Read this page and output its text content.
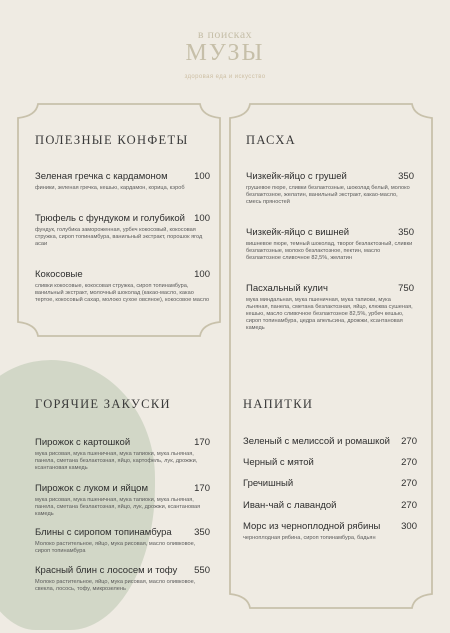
в поисках
МУЗЫ
здоровая еда и искусство
ПОЛЕЗНЫЕ КОНФЕТЫ	ПАСХА
ГОРЯЧИЕ ЗАКУСКИ	НАПИТКИ
Зеленая гречка с кардамоном	100
финики, зеленая гречка, кешью, кардамон, корица, кэроб
Трюфель с фундуком и голубикой 100
фундук, голубика замороженная, урбеч кокосовый, кокосовая стружка, сироп топинамбура, ванильный экстракт, порошок ягод асаи
Кокосовые	100
сливки кокосовые, кокосовая стружка, сироп топинамбура, ванильный экстракт, молочный шоколад (какао-масло, какао тертое, кокосовый сахар, молоко сухое овсяное), кокосовое масло
Чизкейк-яйцо с грушей	350
грушевое пюре, сливки безлактозные, шоколад белый, молоко безлактозное, желатин, ванильный экстракт, какао-масло, смесь пряностей
Чизкейк-яйцо с вишней	350
вишневое пюре, темный шоколад, творог безлактозный, сливки безлактозные, молоко безлактозное, пектин, масло безлактозное сливочное 82,5%, желатин
Пасхальный кулич	750
мука миндальная, мука пшеничная, мука тапиоки, мука льняная, панела, сметана безлактозная, яйцо, клюква сушеная, кешью, масло сливочное безлактозное 82,5%, урбеч кешью, сироп топинамбура, цедра апельсина, дрожжи, ксантановая камедь
Пирожок с картошкой	170
мука рисовая, мука пшеничная, мука тапиоки, мука льняная, панела, сметана безлактозная, яйцо, картофель, лук, дрожжи, ксантановая камедь
Пирожок с луком и яйцом	170
мука рисовая, мука пшеничная, мука тапиоки, мука льняная, панела, сметана безлактозная, яйцо, лук, дрожжи, ксантановая камедь
Блины с сиропом топинамбура	350
Молоко растительное, яйцо, мука рисовая, масло оливковое, сироп топинамбура
Красный блин с лососем и тофу	550
Молоко растительное, яйцо, мука рисовая, масло оливковое, свекла, лосось, тофу, микрозелень
Зеленый с мелиссой и ромашкой	270
Черный с мятой	270
Гречишный	270
Иван-чай с лавандой	270
Морс из черноплодной рябины	300
черноплодная рябина, сироп топинамбура, бадьян
